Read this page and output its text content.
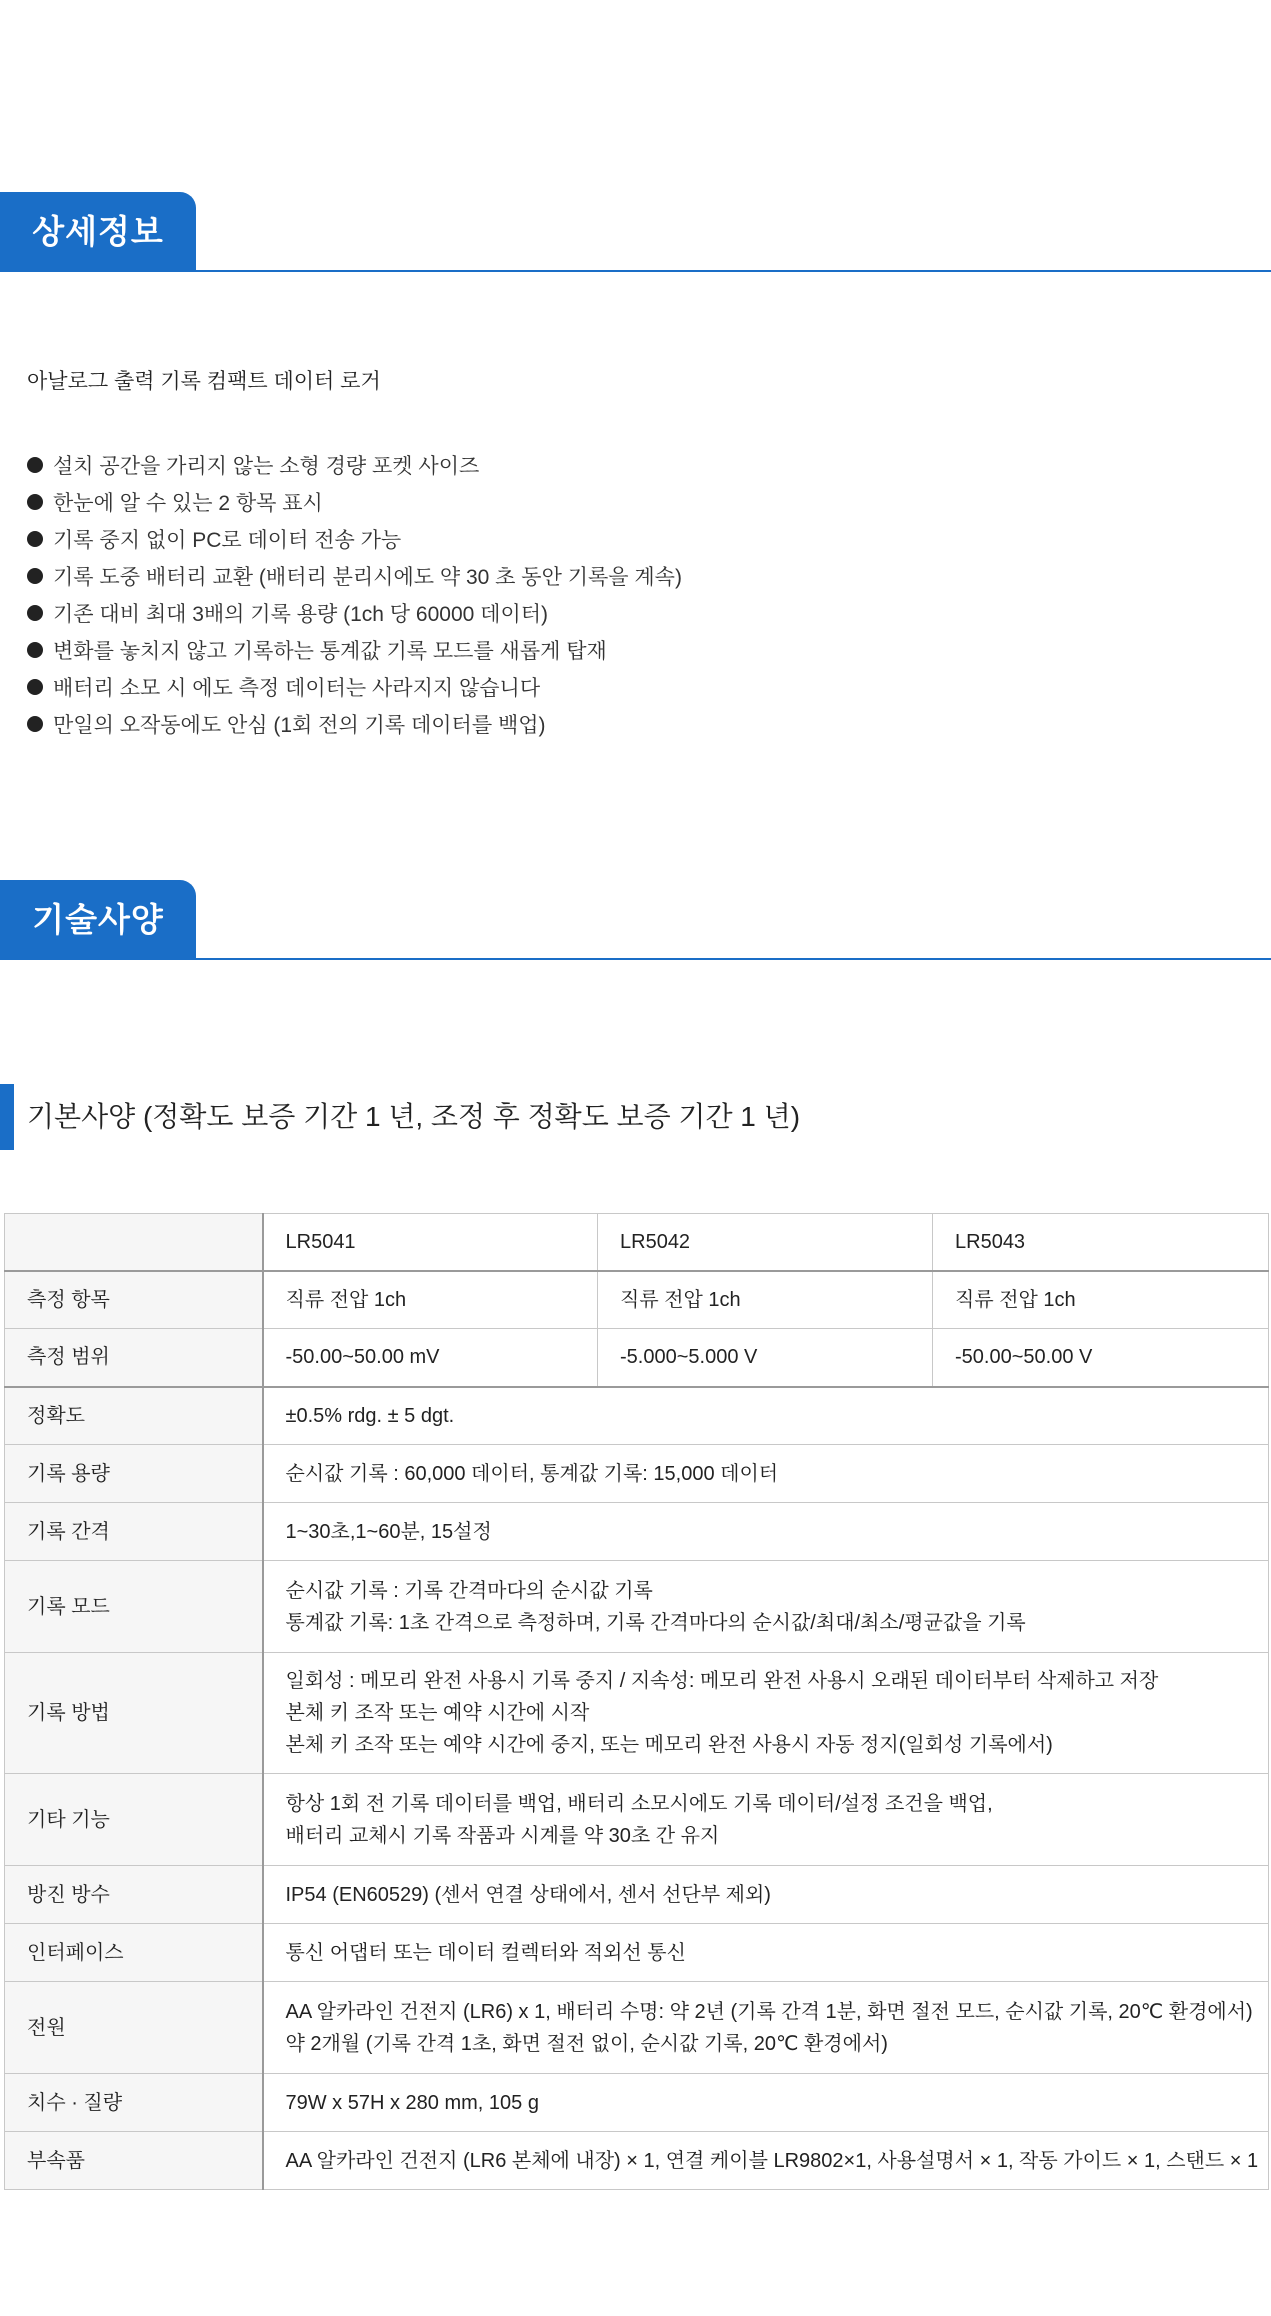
상세정보
아날로그 출력 기록 컴팩트 데이터 로거
설치 공간을 가리지 않는 소형 경량 포켓 사이즈
한눈에 알 수 있는 2 항목 표시
기록 중지 없이 PC로 데이터 전송 가능
기록 도중 배터리 교환 (배터리 분리시에도 약 30 초 동안 기록을 계속)
기존 대비 최대 3배의 기록 용량 (1ch 당 60000 데이터)
변화를 놓치지 않고 기록하는 통계값 기록 모드를 새롭게 탑재
배터리 소모 시 에도 측정 데이터는 사라지지 않습니다
만일의 오작동에도 안심 (1회 전의 기록 데이터를 백업)
기술사양
기본사양 (정확도 보증 기간 1 년, 조정 후 정확도 보증 기간 1 년)
	LR5041	LR5042	LR5043
측정 항목	직류 전압 1ch	직류 전압 1ch	직류 전압 1ch
측정 범위	-50.00~50.00 mV	-5.000~5.000 V	-50.00~50.00 V
정확도	±0.5% rdg. ± 5 dgt.		

기록 용량	순시값 기록 : 60,000 데이터, 통계값 기록: 15,000 데이터		

기록 간격	1~30초,1~60분, 15설정		

기록 모드	순시값 기록 : 기록 간격마다의 순시값 기록
통계값 기록: 1초 간격으로 측정하며, 기록 간격마다의 순시값/최대/최소/평균값을 기록		

기록 방법	일회성 : 메모리 완전 사용시 기록 중지 / 지속성: 메모리 완전 사용시 오래된 데이터부터 삭제하고 저장
본체 키 조작 또는 예약 시간에 시작
본체 키 조작 또는 예약 시간에 중지, 또는 메모리 완전 사용시 자동 정지(일회성 기록에서)		

기타 기능	항상 1회 전 기록 데이터를 백업, 배터리 소모시에도 기록 데이터/설정 조건을 백업,
배터리 교체시 기록 작품과 시계를 약 30초 간 유지		

방진 방수	IP54 (EN60529) (센서 연결 상태에서, 센서 선단부 제외)		

인터페이스	통신 어댑터 또는 데이터 컬렉터와 적외선 통신		

전원	AA 알카라인 건전지 (LR6) x 1, 배터리 수명: 약 2년 (기록 간격 1분, 화면 절전 모드, 순시값 기록, 20℃ 환경에서)
약 2개월 (기록 간격 1초, 화면 절전 없이, 순시값 기록, 20℃ 환경에서)		

치수 · 질량	79W x 57H x 280 mm, 105 g		

부속품	AA 알카라인 건전지 (LR6 본체에 내장) × 1, 연결 케이블 LR9802×1, 사용설명서 × 1, 작동 가이드 × 1, 스탠드 × 1		
